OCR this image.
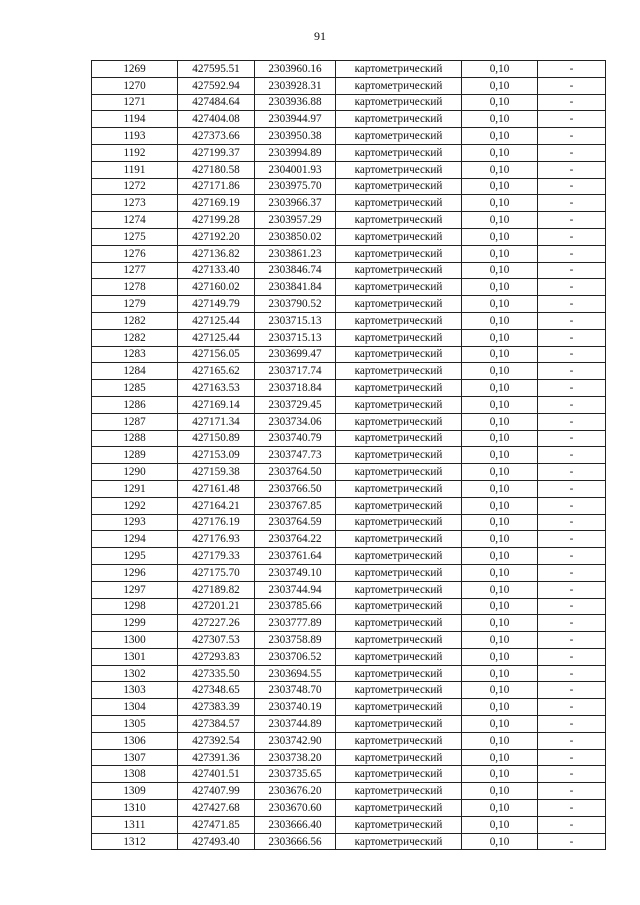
91
1269	427595.51	2303960.16	картометрический	0,10	-
1270	427592.94	2303928.31	картометрический	0,10	-
1271	427484.64	2303936.88	картометрический	0,10	-
1194	427404.08	2303944.97	картометрический	0,10	-
1193	427373.66	2303950.38	картометрический	0,10	-
1192	427199.37	2303994.89	картометрический	0,10	-
1191	427180.58	2304001.93	картометрический	0,10	-
1272	427171.86	2303975.70	картометрический	0,10	-
1273	427169.19	2303966.37	картометрический	0,10	-
1274	427199.28	2303957.29	картометрический	0,10	-
1275	427192.20	2303850.02	картометрический	0,10	-
1276	427136.82	2303861.23	картометрический	0,10	-
1277	427133.40	2303846.74	картометрический	0,10	-
1278	427160.02	2303841.84	картометрический	0,10	-
1279	427149.79	2303790.52	картометрический	0,10	-
1282	427125.44	2303715.13	картометрический	0,10	-
1282	427125.44	2303715.13	картометрический	0,10	-
1283	427156.05	2303699.47	картометрический	0,10	-
1284	427165.62	2303717.74	картометрический	0,10	-
1285	427163.53	2303718.84	картометрический	0,10	-
1286	427169.14	2303729.45	картометрический	0,10	-
1287	427171.34	2303734.06	картометрический	0,10	-
1288	427150.89	2303740.79	картометрический	0,10	-
1289	427153.09	2303747.73	картометрический	0,10	-
1290	427159.38	2303764.50	картометрический	0,10	-
1291	427161.48	2303766.50	картометрический	0,10	-
1292	427164.21	2303767.85	картометрический	0,10	-
1293	427176.19	2303764.59	картометрический	0,10	-
1294	427176.93	2303764.22	картометрический	0,10	-
1295	427179.33	2303761.64	картометрический	0,10	-
1296	427175.70	2303749.10	картометрический	0,10	-
1297	427189.82	2303744.94	картометрический	0,10	-
1298	427201.21	2303785.66	картометрический	0,10	-
1299	427227.26	2303777.89	картометрический	0,10	-
1300	427307.53	2303758.89	картометрический	0,10	-
1301	427293.83	2303706.52	картометрический	0,10	-
1302	427335.50	2303694.55	картометрический	0,10	-
1303	427348.65	2303748.70	картометрический	0,10	-
1304	427383.39	2303740.19	картометрический	0,10	-
1305	427384.57	2303744.89	картометрический	0,10	-
1306	427392.54	2303742.90	картометрический	0,10	-
1307	427391.36	2303738.20	картометрический	0,10	-
1308	427401.51	2303735.65	картометрический	0,10	-
1309	427407.99	2303676.20	картометрический	0,10	-
1310	427427.68	2303670.60	картометрический	0,10	-
1311	427471.85	2303666.40	картометрический	0,10	-
1312	427493.40	2303666.56	картометрический	0,10	-
